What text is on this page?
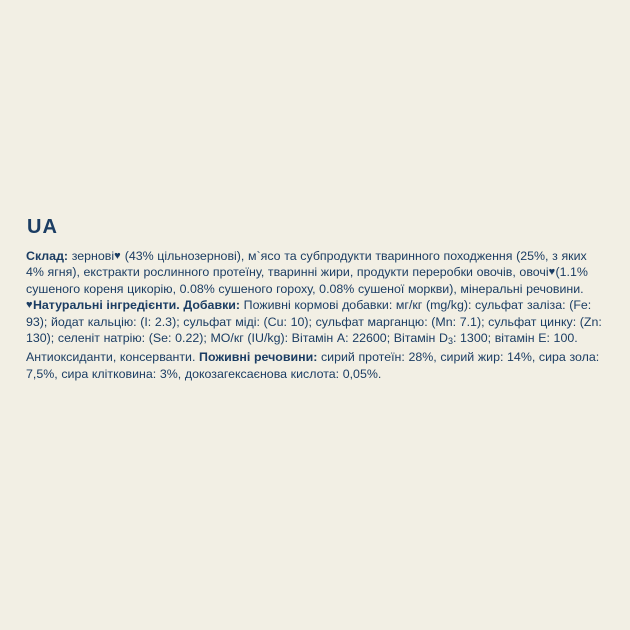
UA

Склад: зернові♥ (43% цільнозернові), м`ясо та субпродукти тваринного походження (25%, з яких 4% ягня), екстракти рослинного протеїну, тваринні жири, продукти переробки овочів, овочі♥(1.1% сушеного кореня цикорію, 0.08% сушеного гороху, 0.08% сушеної моркви), мінеральні речовини. ♥Натуральні інгредієнти. Добавки: Поживні кормові добавки: мг/кг (mg/kg): сульфат заліза: (Fe: 93); йодат кальцію: (I: 2.3); сульфат міді: (Cu: 10); сульфат марганцю: (Mn: 7.1); сульфат цинку: (Zn: 130); селеніт натрію: (Se: 0.22); МО/кг (IU/kg): Вітамін А: 22600; Вітамін $D_3$: 1300; вітамін Е: 100. Антиоксиданти, консерванти. Поживні речовини: сирий протеїн: 28%, сирий жир: 14%, сира зола: 7,5%, сира клітковина: 3%, докозагексаєнова кислота: 0,05%.
